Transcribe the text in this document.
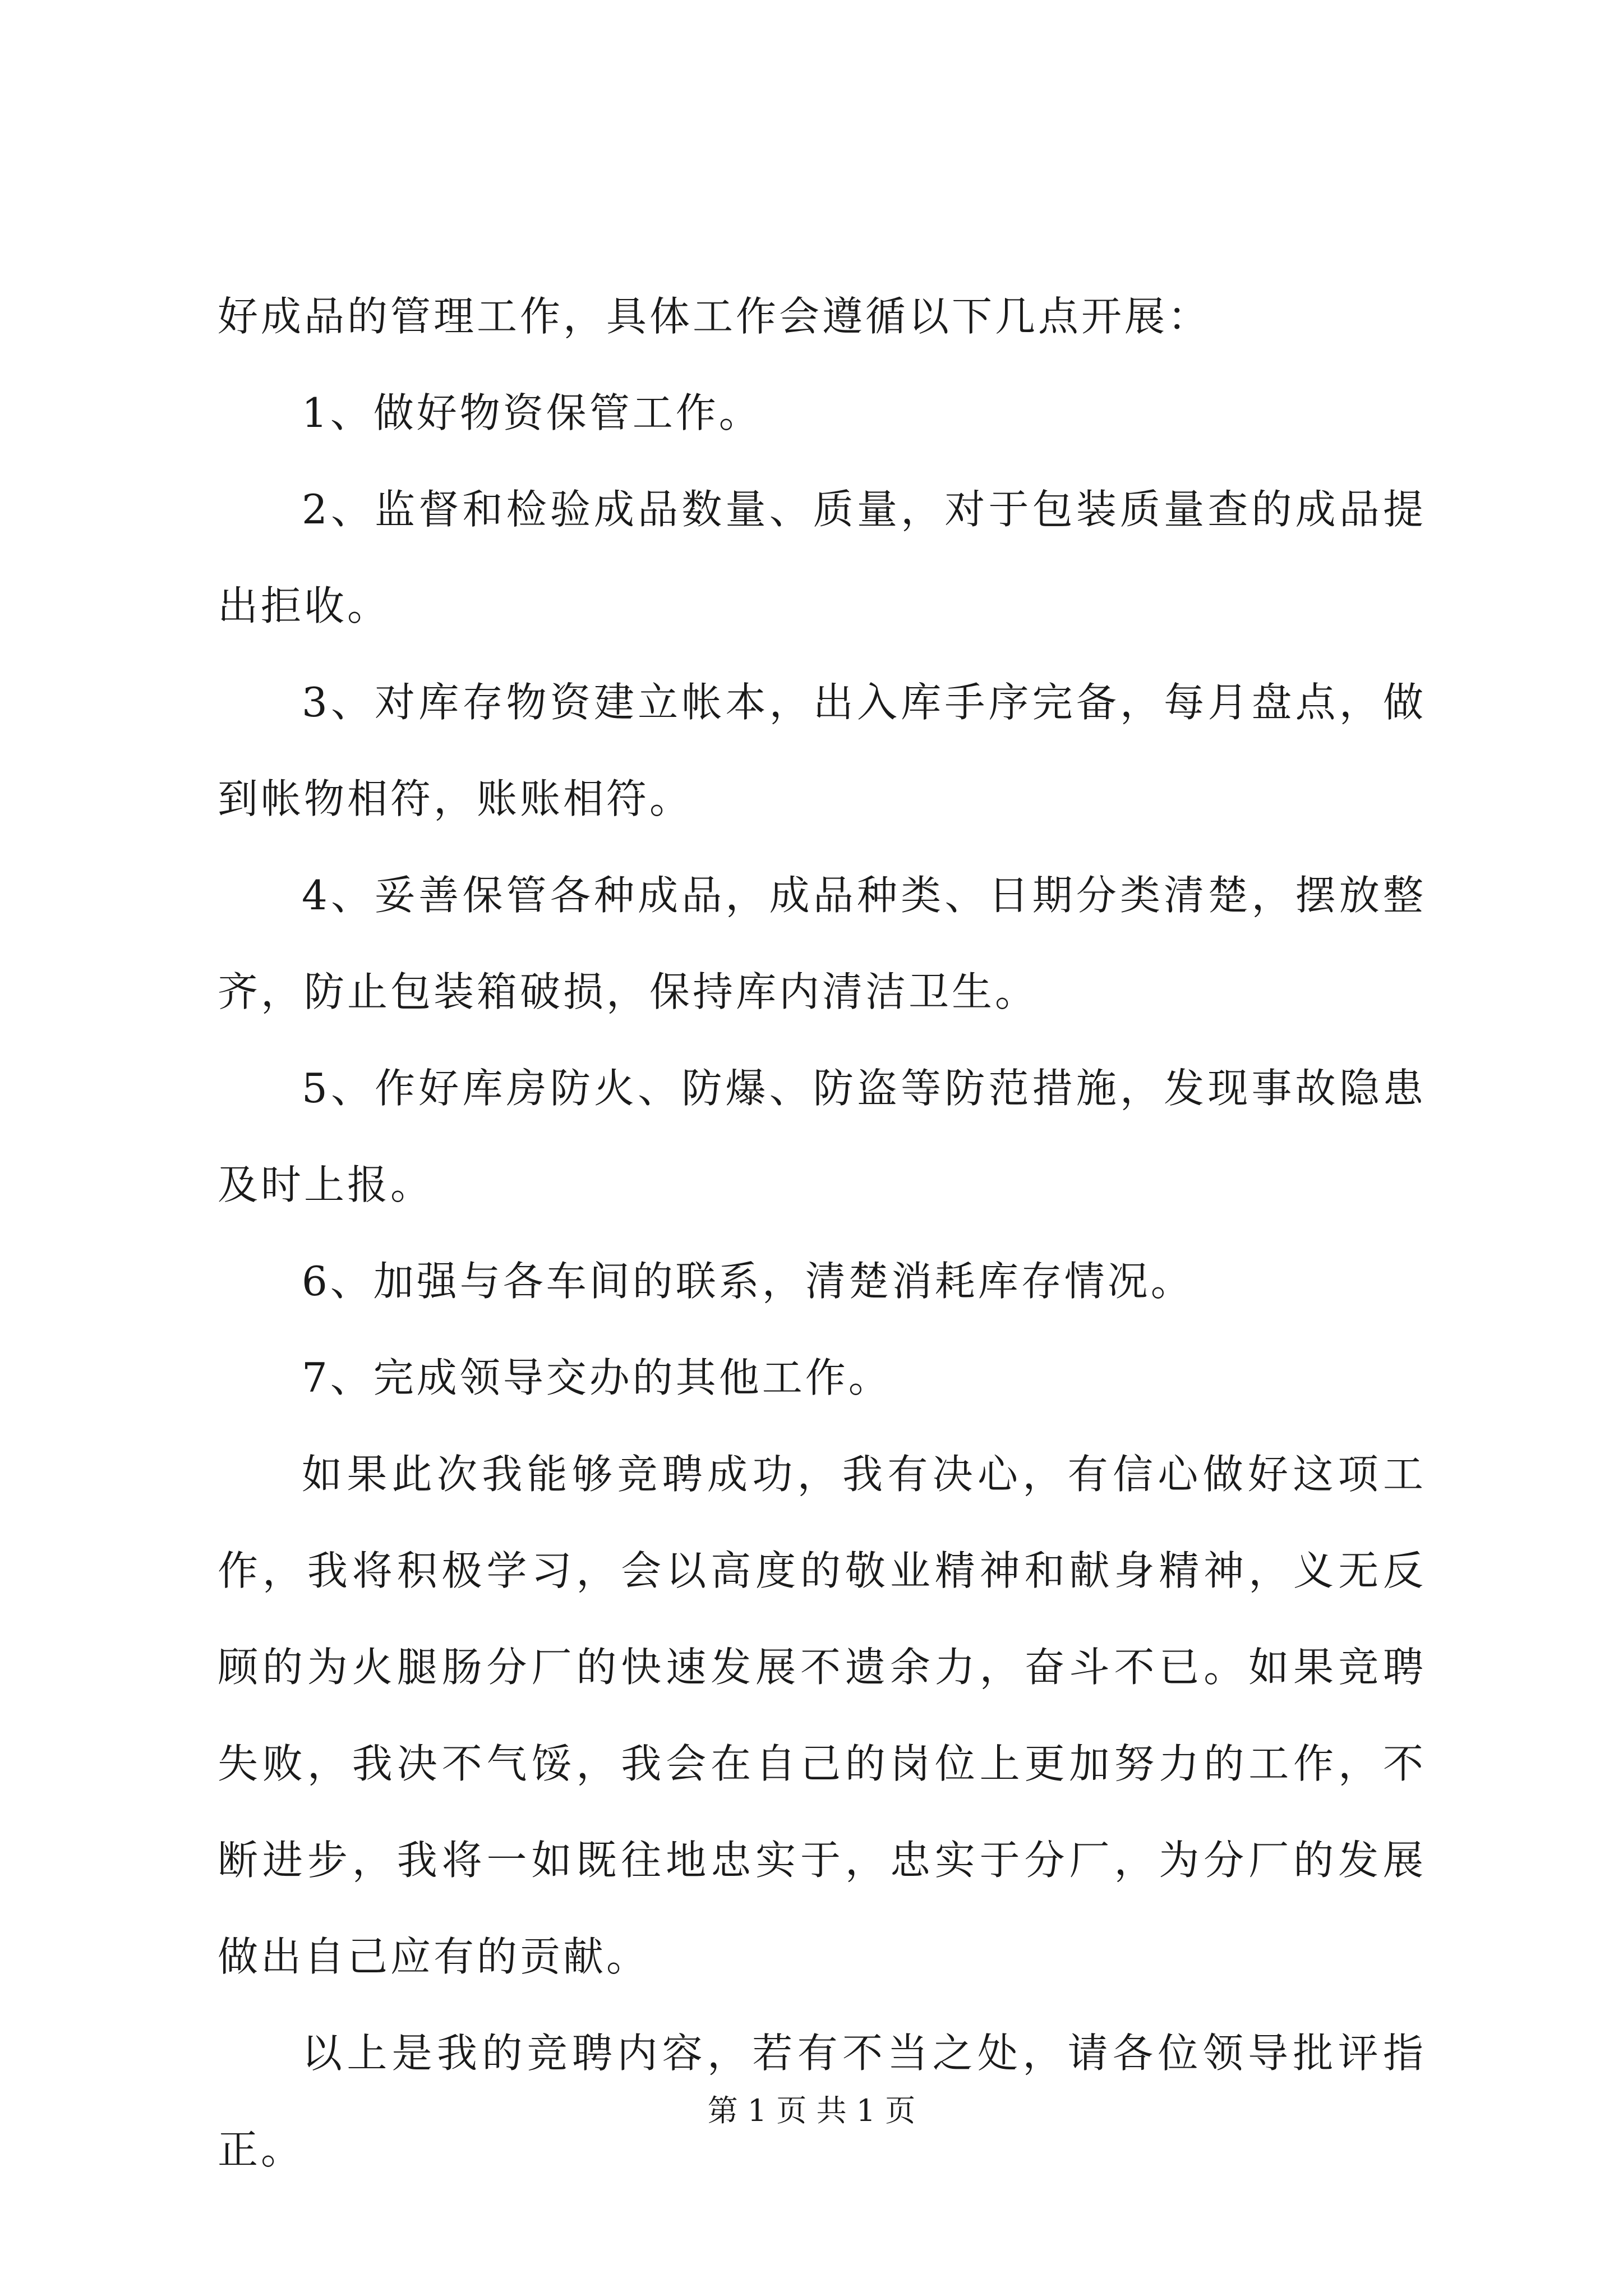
好成品的管理工作，具体工作会遵循以下几点开展：

1、做好物资保管工作。

2、监督和检验成品数量、质量，对于包装质量查的成品提出拒收。

3、对库存物资建立帐本，出入库手序完备，每月盘点，做到帐物相符，账账相符。

4、妥善保管各种成品，成品种类、日期分类清楚，摆放整齐，防止包装箱破损，保持库内清洁卫生。

5、作好库房防火、防爆、防盗等防范措施，发现事故隐患及时上报。

6、加强与各车间的联系，清楚消耗库存情况。

7、完成领导交办的其他工作。

如果此次我能够竞聘成功，我有决心，有信心做好这项工作，我将积极学习，会以高度的敬业精神和献身精神，义无反顾的为火腿肠分厂的快速发展不遗余力，奋斗不已。如果竞聘失败，我决不气馁，我会在自己的岗位上更加努力的工作，不断进步，我将一如既往地忠实于，忠实于分厂，为分厂的发展做出自己应有的贡献。

以上是我的竞聘内容，若有不当之处，请各位领导批评指正。

第 1 页 共 1 页
